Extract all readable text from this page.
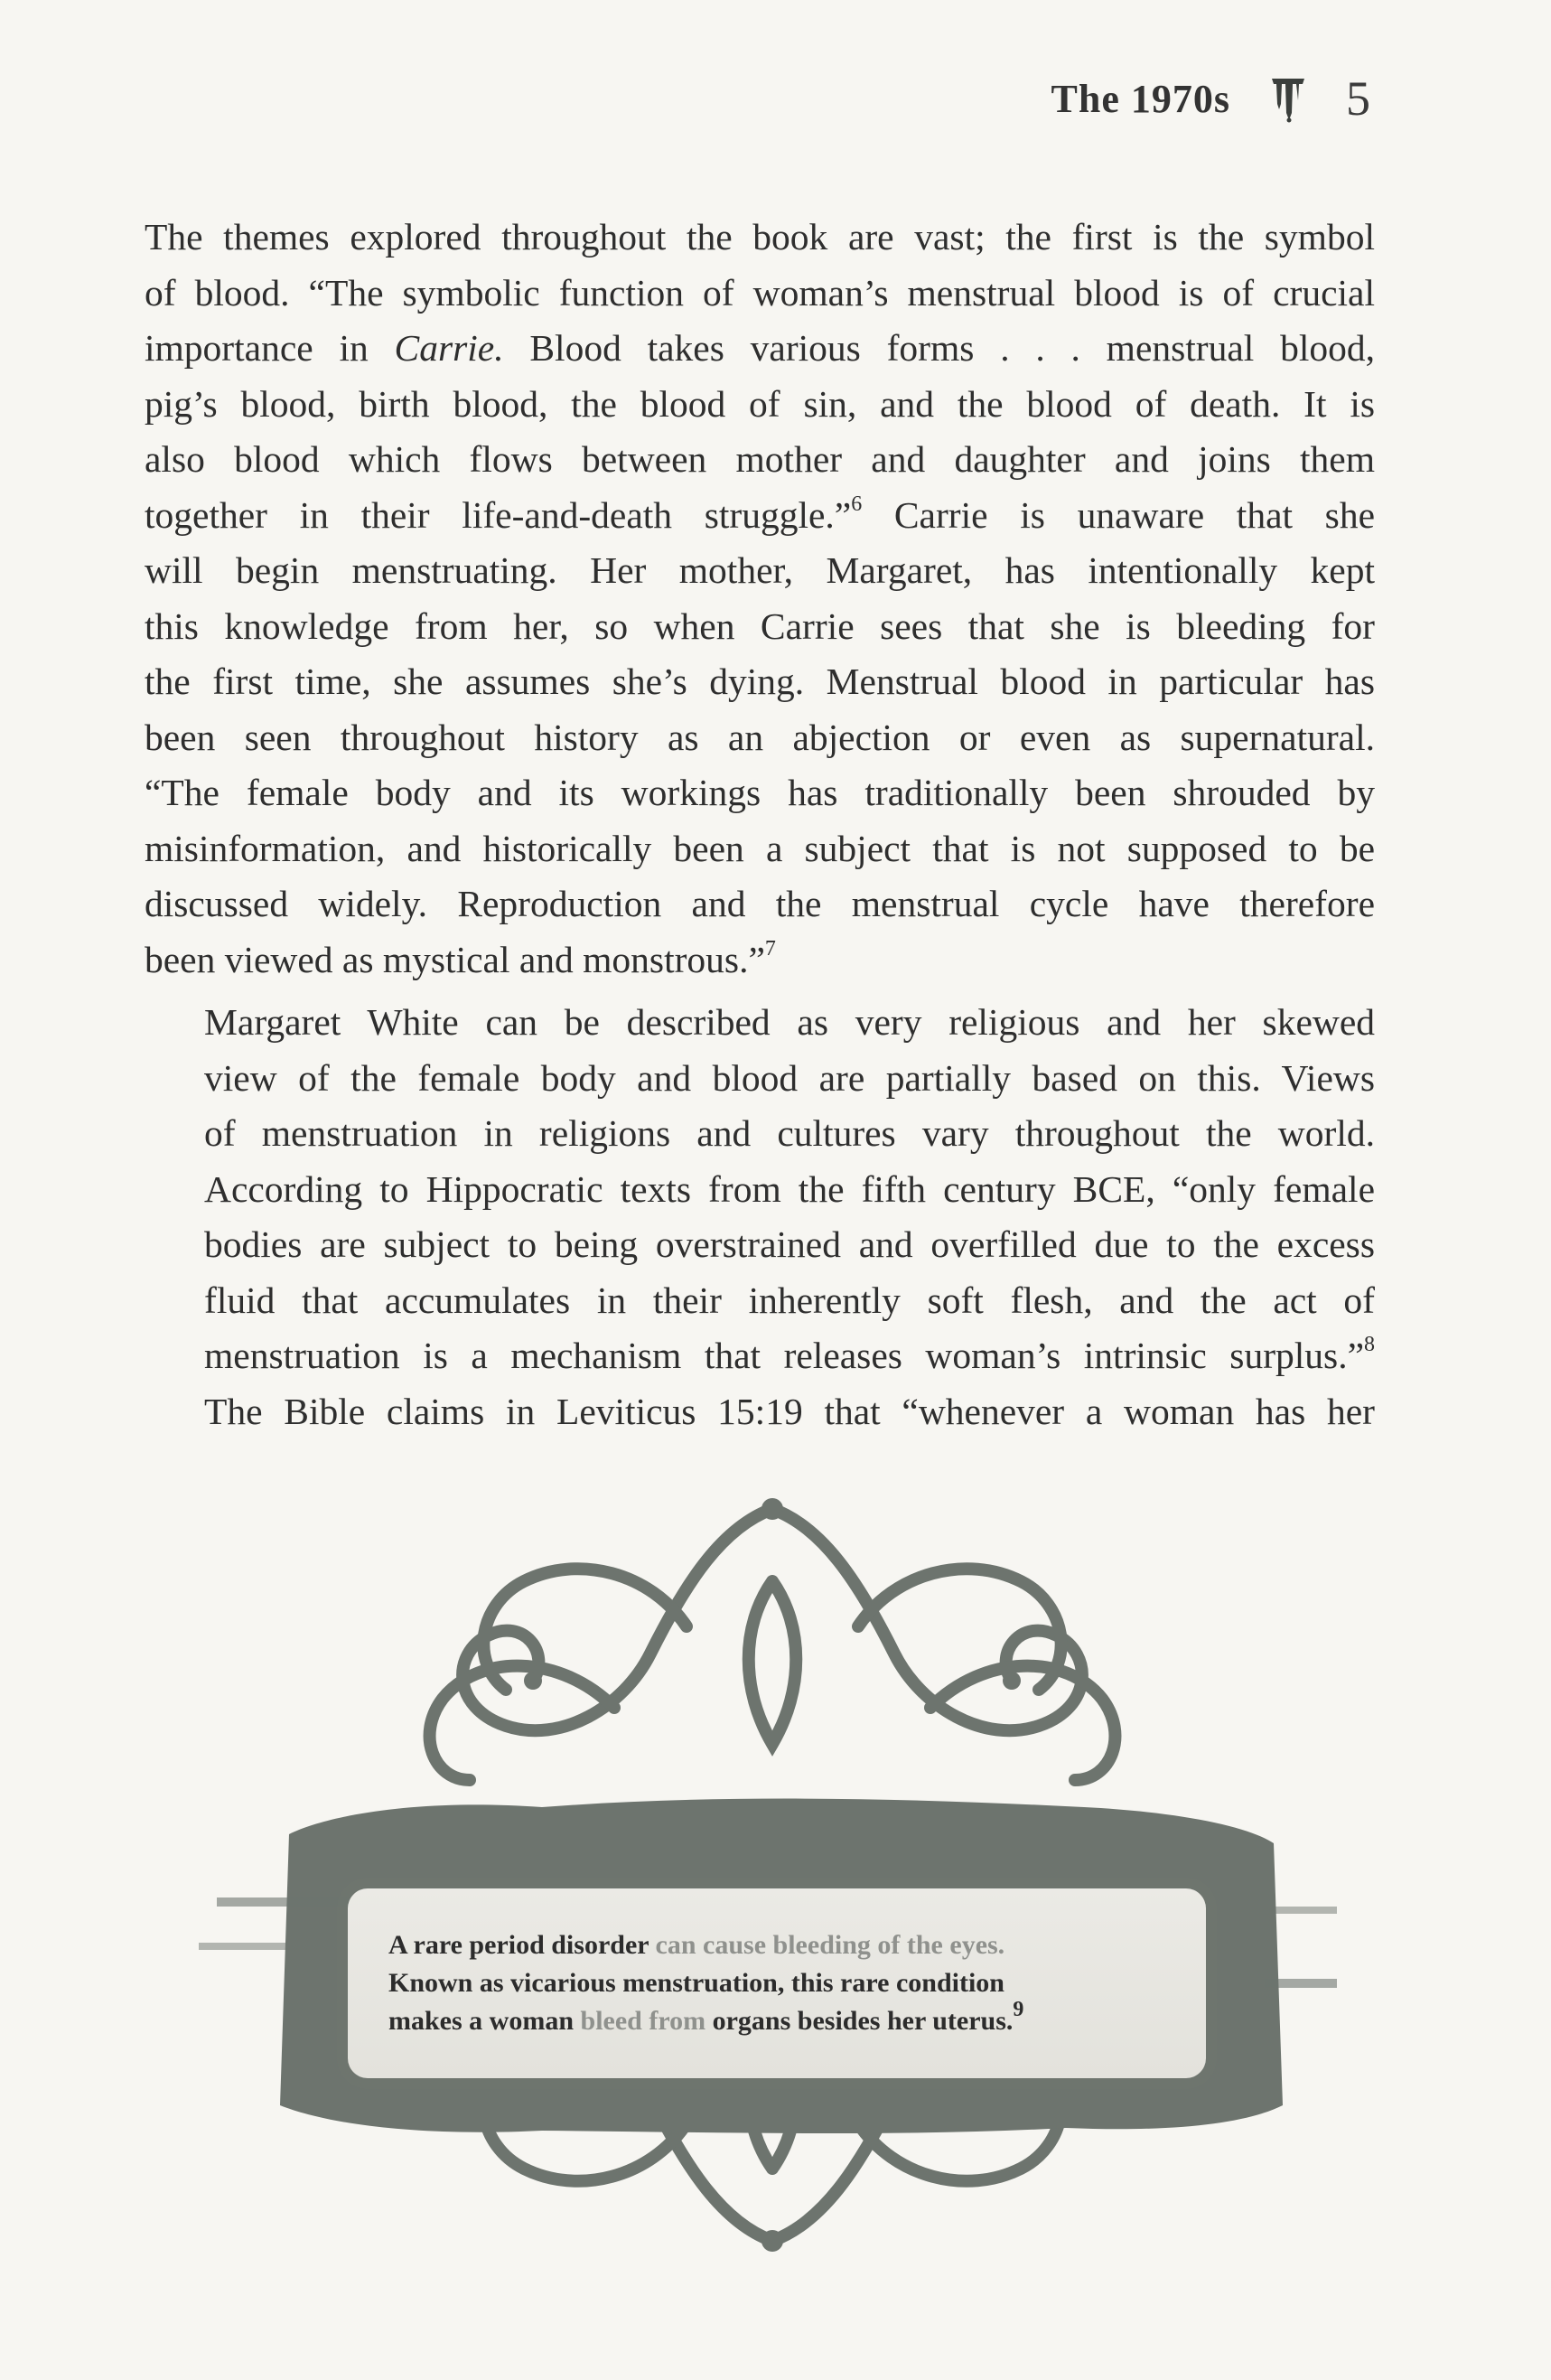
The 1970s 5

The themes explored throughout the book are vast; the first is the symbol
of blood. “The symbolic function of woman’s menstrual blood is of crucial
importance in Carrie. Blood takes various forms . . . menstrual blood,
pig’s blood, birth blood, the blood of sin, and the blood of death. It is
also blood which flows between mother and daughter and joins them
together in their life-and-death struggle.”$^6$ Carrie is unaware that she
will begin menstruating. Her mother, Margaret, has intentionally kept
this knowledge from her, so when Carrie sees that she is bleeding for
the first time, she assumes she’s dying. Menstrual blood in particular has
been seen throughout history as an abjection or even as supernatural.
“The female body and its workings has traditionally been shrouded by
misinformation, and historically been a subject that is not supposed to be
discussed widely. Reproduction and the menstrual cycle have therefore
been viewed as mystical and monstrous.”$^7$

Margaret White can be described as very religious and her skewed
view of the female body and blood are partially based on this. Views
of menstruation in religions and cultures vary throughout the world.
According to Hippocratic texts from the fifth century BCE, “only female
bodies are subject to being overstrained and overfilled due to the excess
fluid that accumulates in their inherently soft flesh, and the act of
menstruation is a mechanism that releases woman’s intrinsic surplus.”$^8$
The Bible claims in Leviticus 15:19 that “whenever a woman has her

A rare period disorder can cause bleeding of the eyes.
Known as vicarious menstruation, this rare condition
makes a woman bleed from organs besides her uterus.$^9$
